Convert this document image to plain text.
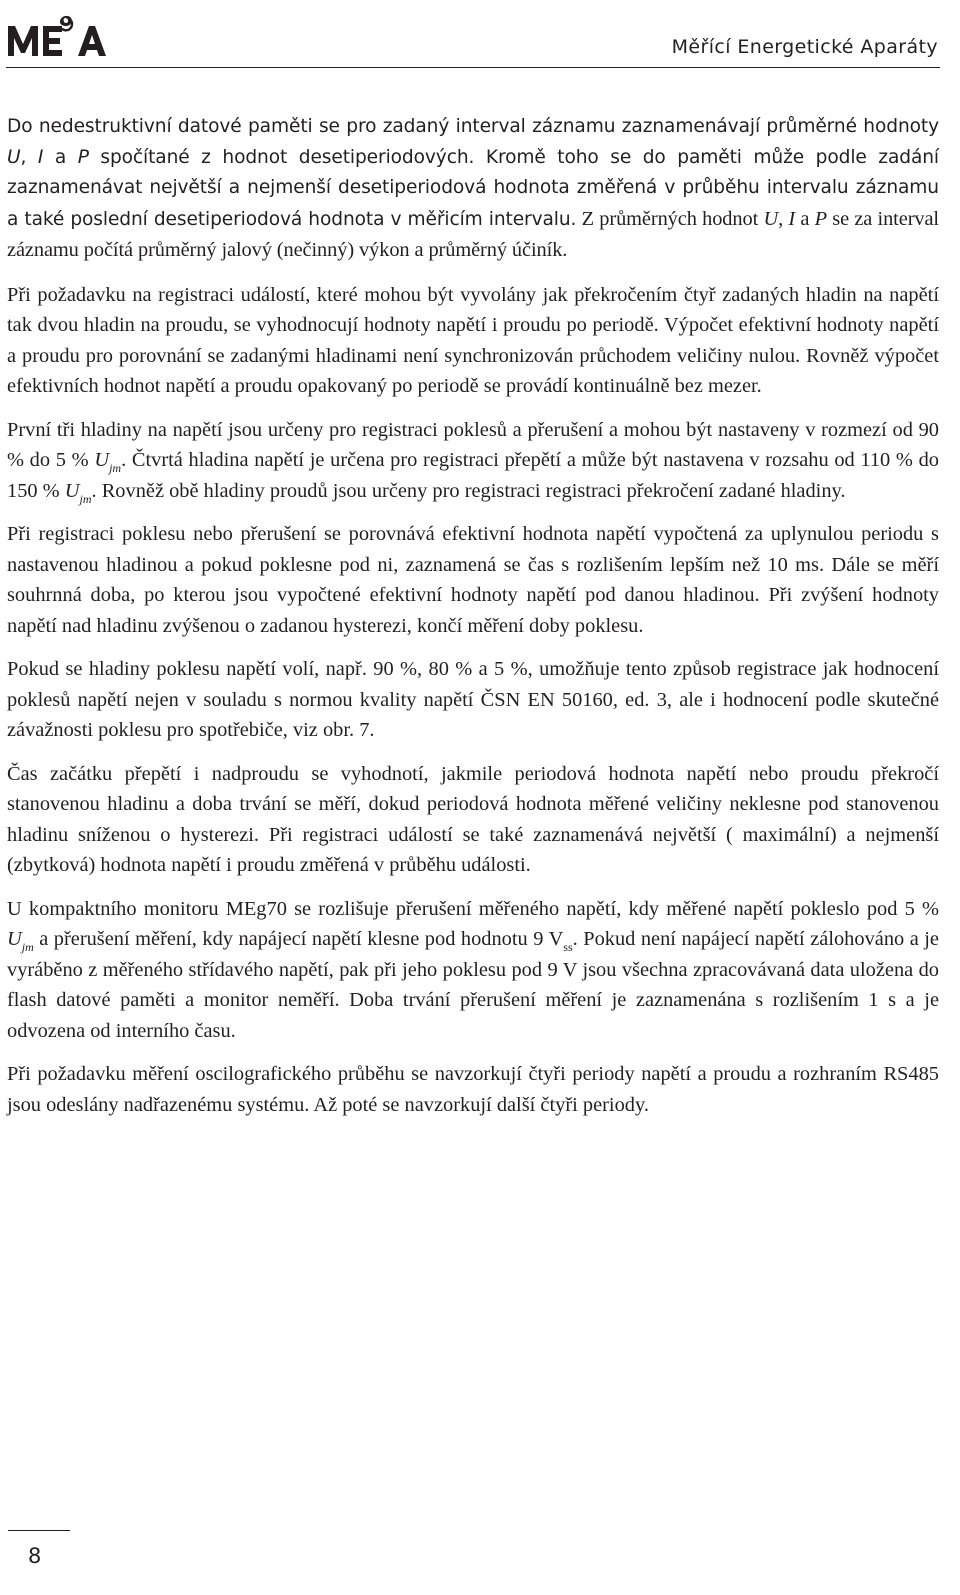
Měřící Energetické Aparáty

Do nedestruktivní datové paměti se pro zadaný interval záznamu zaznamenávají průměrné hodnoty U, I a P spočítané z hodnot desetiperiodových. Kromě toho se do paměti může podle zadání zaznamenávat největší a nejmenší desetiperiodová hodnota změřená v průběhu intervalu záznamu a také poslední desetiperiodová hodnota v měřicím intervalu. Z průměrných hodnot U, I a P se za interval záznamu počítá průměrný jalový (nečinný) výkon a průměrný účiník.

Při požadavku na registraci událostí, které mohou být vyvolány jak překročením čtyř zadaných hladin na napětí tak dvou hladin na proudu, se vyhodnocují hodnoty napětí i proudu po periodě. Výpočet efektivní hodnoty napětí a proudu pro porovnání se zadanými hladinami není synchronizován průchodem veličiny nulou. Rovněž výpočet efektivních hodnot napětí a proudu opakovaný po periodě se provádí kontinuálně bez mezer.

První tři hladiny na napětí jsou určeny pro registraci poklesů a přerušení a mohou být nastaveny v rozmezí od 90 % do 5 % $U_{jm}$. Čtvrtá hladina napětí je určena pro registraci přepětí a může být nastavena v rozsahu od 110 % do 150 % $U_{jm}$. Rovněž obě hladiny proudů jsou určeny pro registraci registraci překročení zadané hladiny.

Při registraci poklesu nebo přerušení se porovnává efektivní hodnota napětí vypočtená za uplynulou periodu s nastavenou hladinou a pokud poklesne pod ni, zaznamená se čas s rozlišením lepším než 10 ms. Dále se měří souhrnná doba, po kterou jsou vypočtené efektivní hodnoty napětí pod danou hladinou. Při zvýšení hodnoty napětí nad hladinu zvýšenou o zadanou hysterezi, končí měření doby poklesu.

Pokud se hladiny poklesu napětí volí, např. 90 %, 80 % a 5 %, umožňuje tento způsob registrace jak hodnocení poklesů napětí nejen v souladu s normou kvality napětí ČSN EN 50160, ed. 3, ale i hodnocení podle skutečné závažnosti poklesu pro spotřebiče, viz obr. 7.

Čas začátku přepětí i nadproudu se vyhodnotí, jakmile periodová hodnota napětí nebo proudu překročí stanovenou hladinu a doba trvání se měří, dokud periodová hodnota měřené veličiny neklesne pod stanovenou hladinu sníženou o hysterezi. Při registraci událostí se také zaznamenává největší ( maximální) a nejmenší (zbytková) hodnota napětí i proudu změřená v průběhu události.

U kompaktního monitoru MEg70 se rozlišuje přerušení měřeného napětí, kdy měřené napětí pokleslo pod 5 % $U_{jm}$ a přerušení měření, kdy napájecí napětí klesne pod hodnotu 9 $V_{ss}$. Pokud není napájecí napětí zálohováno a je vyráběno z měřeného střídavého napětí, pak při jeho poklesu pod 9 V jsou všechna zpracovávaná data uložena do flash datové paměti a monitor neměří. Doba trvání přerušení měření je zaznamenána s rozlišením 1 s a je odvozena od interního času.

Při požadavku měření oscilografického průběhu se navzorkují čtyři periody napětí a proudu a rozhraním RS485 jsou odeslány nadřazenému systému. Až poté se navzorkují další čtyři periody.

8
